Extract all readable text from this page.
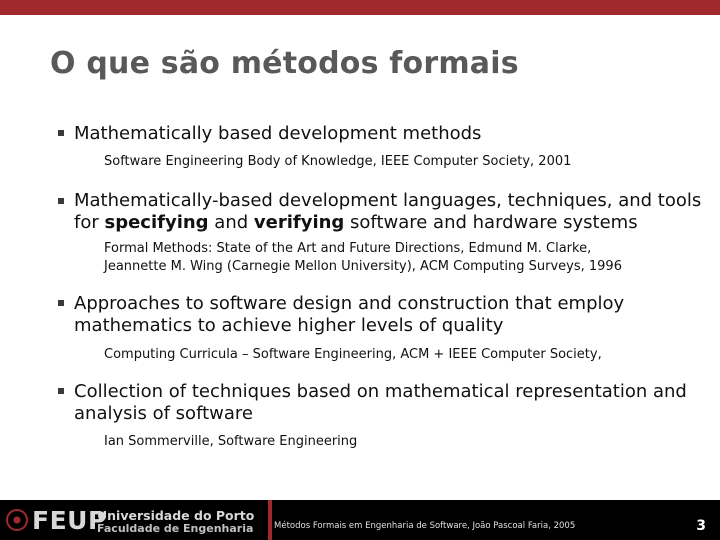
O que são métodos formais

Mathematically based development methods

Software Engineering Body of Knowledge, IEEE Computer Society, 2001

Mathematically-based development languages, techniques, and tools for specifying and verifying software and hardware systems

Formal Methods: State of the Art and Future Directions, Edmund M. Clarke,
Jeannette M. Wing (Carnegie Mellon University), ACM Computing Surveys, 1996

Approaches to software design and construction that employ mathematics to achieve higher levels of quality

Computing Curricula – Software Engineering, ACM + IEEE Computer Society,

Collection of techniques based on mathematical representation and analysis of software

Ian Sommerville, Software Engineering

FEUP
Universidade do Porto
Faculdade de Engenharia Métodos Formais em Engenharia de Software, João Pascoal Faria, 2005	3
